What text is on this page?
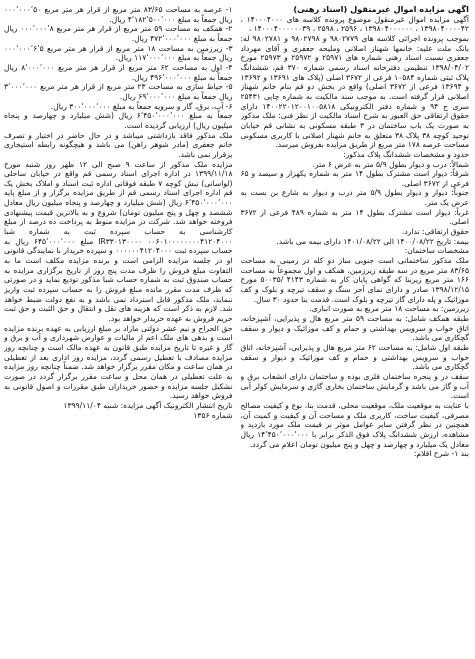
آگهی مزایده اموال غیرمنقول (اسناد رهنی)

آگهی مزایده اموال غیرمنقول موضوع پرونده کلاسه های ۱۴۰۰۰۴۰۰۰ ، ۱۳۹۸۰۴۰۰۰۰۴۲ ، ۱۳۹۸۰۴۰۰۰۰۰۰ ، ۲۵۹۶ ، ۲۵۹۸ ، ۱۴۰۰۰۴۰۰۰۰۰۰۳۹ ،

بموجب پرونده اجرائی کلاسه های ۹۸۰۲۷۷۹ و ۹۸۰۲۷۹۸ و ۹۸۰۲۷۸۱ له: بانک ملت علیه: خانمها شهناز اصلانی ومليحه جعفری و آقای مهرداد جعفری نسبت اسناد رهنی شماره های ۲۵۹۷۱ و ۲۵۹۷۲ و ۲۵۹۷۳ مورخ ۱۳۹۸/۰۴/۰۲ تنظیمی دفترخانه اسناد رسمی شماره ۳۷۰ قم، ششدانگ پلاک ثبتی شماره ۱۰۵۸۴ فرعی از ۳۶۷۲ اصلی (پلاک های ۱۳۶۹۱ و ۱۳۶۹۲ و ۱۳۶۹۴ فرعی از ۳۶۷۲ اصلی) واقع در بخش دو قم بنام خانم شهناز اصلانی قرار گرفته است. به موجب سند مالکیت به شماره چاپی ۲۵۴۳۱ سری ج ۹۴ و شماره دفتر الکترونیکی ۱۴۰۰۲۲۰۱۲۰۰۱۰۰۵۸۱۸ دارای حقوق ارتفاقی حق العبور به شرح اسناد مالکیت از نظر فنی: ملک مذکور به صورت یک باب ساختمان در ۳ طبقه مسکونی به نشانی قم خیابان توحید کوچه ۳۸ پلاک ۳۸ متعلق به خانم شهناز اصلانی با کاربری مسکونی مساحت عرصه ۱۷۸ متر مربع از طریق مزایده بفروش میرسد.

حدود و مشخصات ششدانگ پلاک مذکور:

شمالاً: درب و دیوار بطول ۵/۹ متر به عرض ۶ متر.

شرقاً: دیوار است مشترک بطول ۱۴ متر به شماره یکهزار و سیصد و ۶۵ فرعی از ۳۶۷۲ اصلی.

جنوباً: دیوار و دیوار بطول ۵/۹ متر درب و دیوار به شارع بن بست به عرض یک متر.

غرباً: دیوار است مشترک بطول ۱۴ متر به شماره ۴۸۹ فرعی از ۳۶۷۲ اصلی.

حقوق ارتفاقی: ندارد.

بیمه: تاریخ ۱۴۰۰/۰۸/۲۲ الی ۱۴۰۱/۰۸/۲۲ دارای بیمه می باشد.

مشخصات ساختمان:

ملک مذکور ساختمانی است جنوبی ساز دو کله در زمینی به مساحت ۸۳/۶۵ متر مربع در سه طبقه زیرزمین، همکف و اول مجموعاً به مساحت ۱۶۶ متر مربع زیربنا که گواهی پایان کار به شماره ۴۱۴۳ /۵۰۰۳۵ مورخ ۱۳۹۸/۱۲/۱۵ صادر و دارای نمای آجر سنگ و سقف تیرچه و بلوک و کف موزائیک و پله دارای گاز تیرچه و بلوک است. قدمت بنا حدود ۳۰ سال.

زیرزمین: به مساحت ۱۸ متر مربع به صورت انباری.

طبقه همکف شامل: به مساحت ۵۹ متر مربع هال و پذیرایی، آشپزخانه، اتاق خواب و سرویس بهداشتی و حمام و کف موزائیک و دیوار و سقف گچکاری می باشد.

طبقه اول شامل: به مساحت ۶۲ متر مربع هال و پذیرایی، آشپزخانه، اتاق خواب و سرویس بهداشتی و حمام و کف موزائیک و دیوار و سقف گچکاری می باشد.

سقف در و پنجره ساختمان فلزی بوده و ساختمان دارای انشعاب برق و آب و گاز می باشد و گرمایش ساختمان بخاری گازی و سرمایش کولر آبی است.

با عنایت به موقعیت ملک، موقعیت محلی، قدمت بنا، نوع و کیفیت مصالح مصرفی، کیفیت ساخت، کاربری ملک و مساحت آن و کیفیت و کمیت آن، همچنین در نظر گرفتن سایر عوامل موثر بر قیمت ملک مورد بازدید و مشاهده، ارزش ششدانگ پلاک فوق الذکر برابر با ۱۴٬۴۵۰٬۰۰۰٬۰۰۰ ریال معادل یک میلیارد و چهارصد و چهل و پنج میلیون تومان اعلام می گردد.

بند ۱- شرح اقلام:

۱- عرصه به مساحت ۸۳/۶۵ متر مربع از قرار هر متر مربع ۰۰۰٬۰۰۰٬۵۰ ریال جمعاً به مبلغ ۴٬۱۸۲٬۵۰۰٬۰۰۰ ریال.

۲- همکف به مساحت ۵۹ متر مربع از قرار هر متر مربع ۰۰۰٬۰۰۰٬۸ ریال جمعاً به مبلغ ۴۷۲٬۰۰۰٬۰۰۰ ریال.

۳- زیرزمین به مساحت ۱۸ متر مربع از قرار هر متر مربع ۰۰۰٬۰۰۰٬۶٬۵ ریال جمعاً به مبلغ ۱۱۷٬۰۰۰٬۰۰۰ ریال.

۴- اول به مساحت ۶۲ متر مربع از قرار هر متر مربع ۸٬۰۰۰٬۰۰۰ ریال جمعاً به مبلغ ۴۹۶٬۰۰۰٬۰۰۰ ریال.

۵- حیاط سازی به مساحت ۲۳ متر مربع از قرار هر متر مربع ۳٬۰۰۰٬۰۰۰ ریال جمعاً به مبلغ ۶۹٬۰۰۰٬۰۰۰ ریال.

۶- آب، برق، گاز و سرویه جمعاً به مبلغ ۳۰۰٬۰۰۰٬۰۰۰ ریال.

جمعاً به مبلغ ۶٬۴۵۰٬۰۰۰٬۰۰۰ ریال (شش میلیارد و چهارصد و پنجاه میلیون ریال) ارزیابی گردیده است.

ملک مذکور فاقد بازداشتی میباشد و در حال حاضر در اختیار و تصرف خانم جعفری (مادر شوهر راهن) می باشد و هیچگونه رابطه استیجاری برقرار نمی باشد.

مزایده ملک مذکور از ساعت ۹ صبح الی ۱۲ ظهر روز شنبه مورخ ۱۳۹۹/۱۱/۱۸ در اداره اجرای اسناد رسمی قم واقع در خیابان ساحلی (لواسانی) نبش کوچه ۷ طبقه فوقانی اداره ثبت اسناد و املاک بخش یک قم اداره اجرای اسناد رسمی قم از طریق مزایده برگزار و از مبلغ پایه ۶٬۴۵۰٬۰۰۰٬۰۰۰ ریال (شش میلیارد و چهارصد و پنجاه میلیون ریال معادل ششصد و چهل و پنج میلیون تومان) شروع و به بالاترین قیمت پیشنهادی فروخته خواهد شد. شرکت در مزایده منوط به پرداخت ده درصد از مبلغ کارشناسی به حساب سپرده ثبت به شماره شبا ۰۰۶۰۱۰۰۰۰۰۰۰۰۴۱۲۰۴۰۰۰ IR۳۳۰۱۳۰۰۰۰ مبلغ ۶۴۵٬۰۰۰٬۰۰۰ ریال به حساب سپرده ثبت ۰۰۰۰۰۰۴۱۲۰۴۰۰۰ و سپرده خریدار با نمایندگی قانونی او در جلسه مزایده الزامی است و برنده مزایده مکلف است ما به التفاوت مبلغ فروش را ظرف مدت پنج روز از تاریخ برگزاری مزایده به حساب صندوق ثبت به شماره حساب شبا مذکور تودیع نماید و در صورتی که ظرف مدت مقرر مانده مبلغ فروش را به حساب سپرده ثبت واریز ننماید، ملک مذکور قابل استرداد نمی باشد و به نفع دولت ضبط خواهد شد. لازم به ذکر است که هزینه های نقل و انتقال و حق الثبت و حق ثبت حریم فروش به عهده خریدار خواهد بود.

حق الحراج و نیم عشر دولتی مازاد بر مبلغ ارزیابی به عهده برنده مزایده است و بدهی های ملک اعم از مالیات و عوارض شهرداری و آب و برق و گاز و غیره تا تاریخ مزایده طبق قانون به عهده مالک است و چنانچه روز مزایده مصادف با تعطیل رسمی گردد، مزایده روز اداری بعد از تعطیلی در همان ساعت و مکان مقرر برگزار خواهد شد. ضمناً چنانچه روز مزایده به علت تعطیلی در همان محل و ساعت مقرر برگزار گردد در صورت تشکیل جلسه مزایده و حضور خریداران طبق مقررات و اصول قانونی به فروش خواهد رسید.

تاریخ انتشار الکترونیک آگهی مزایده: شنبه ۱۳۹۹/۱۱/۰۴

شماره ۱۳۵۶
